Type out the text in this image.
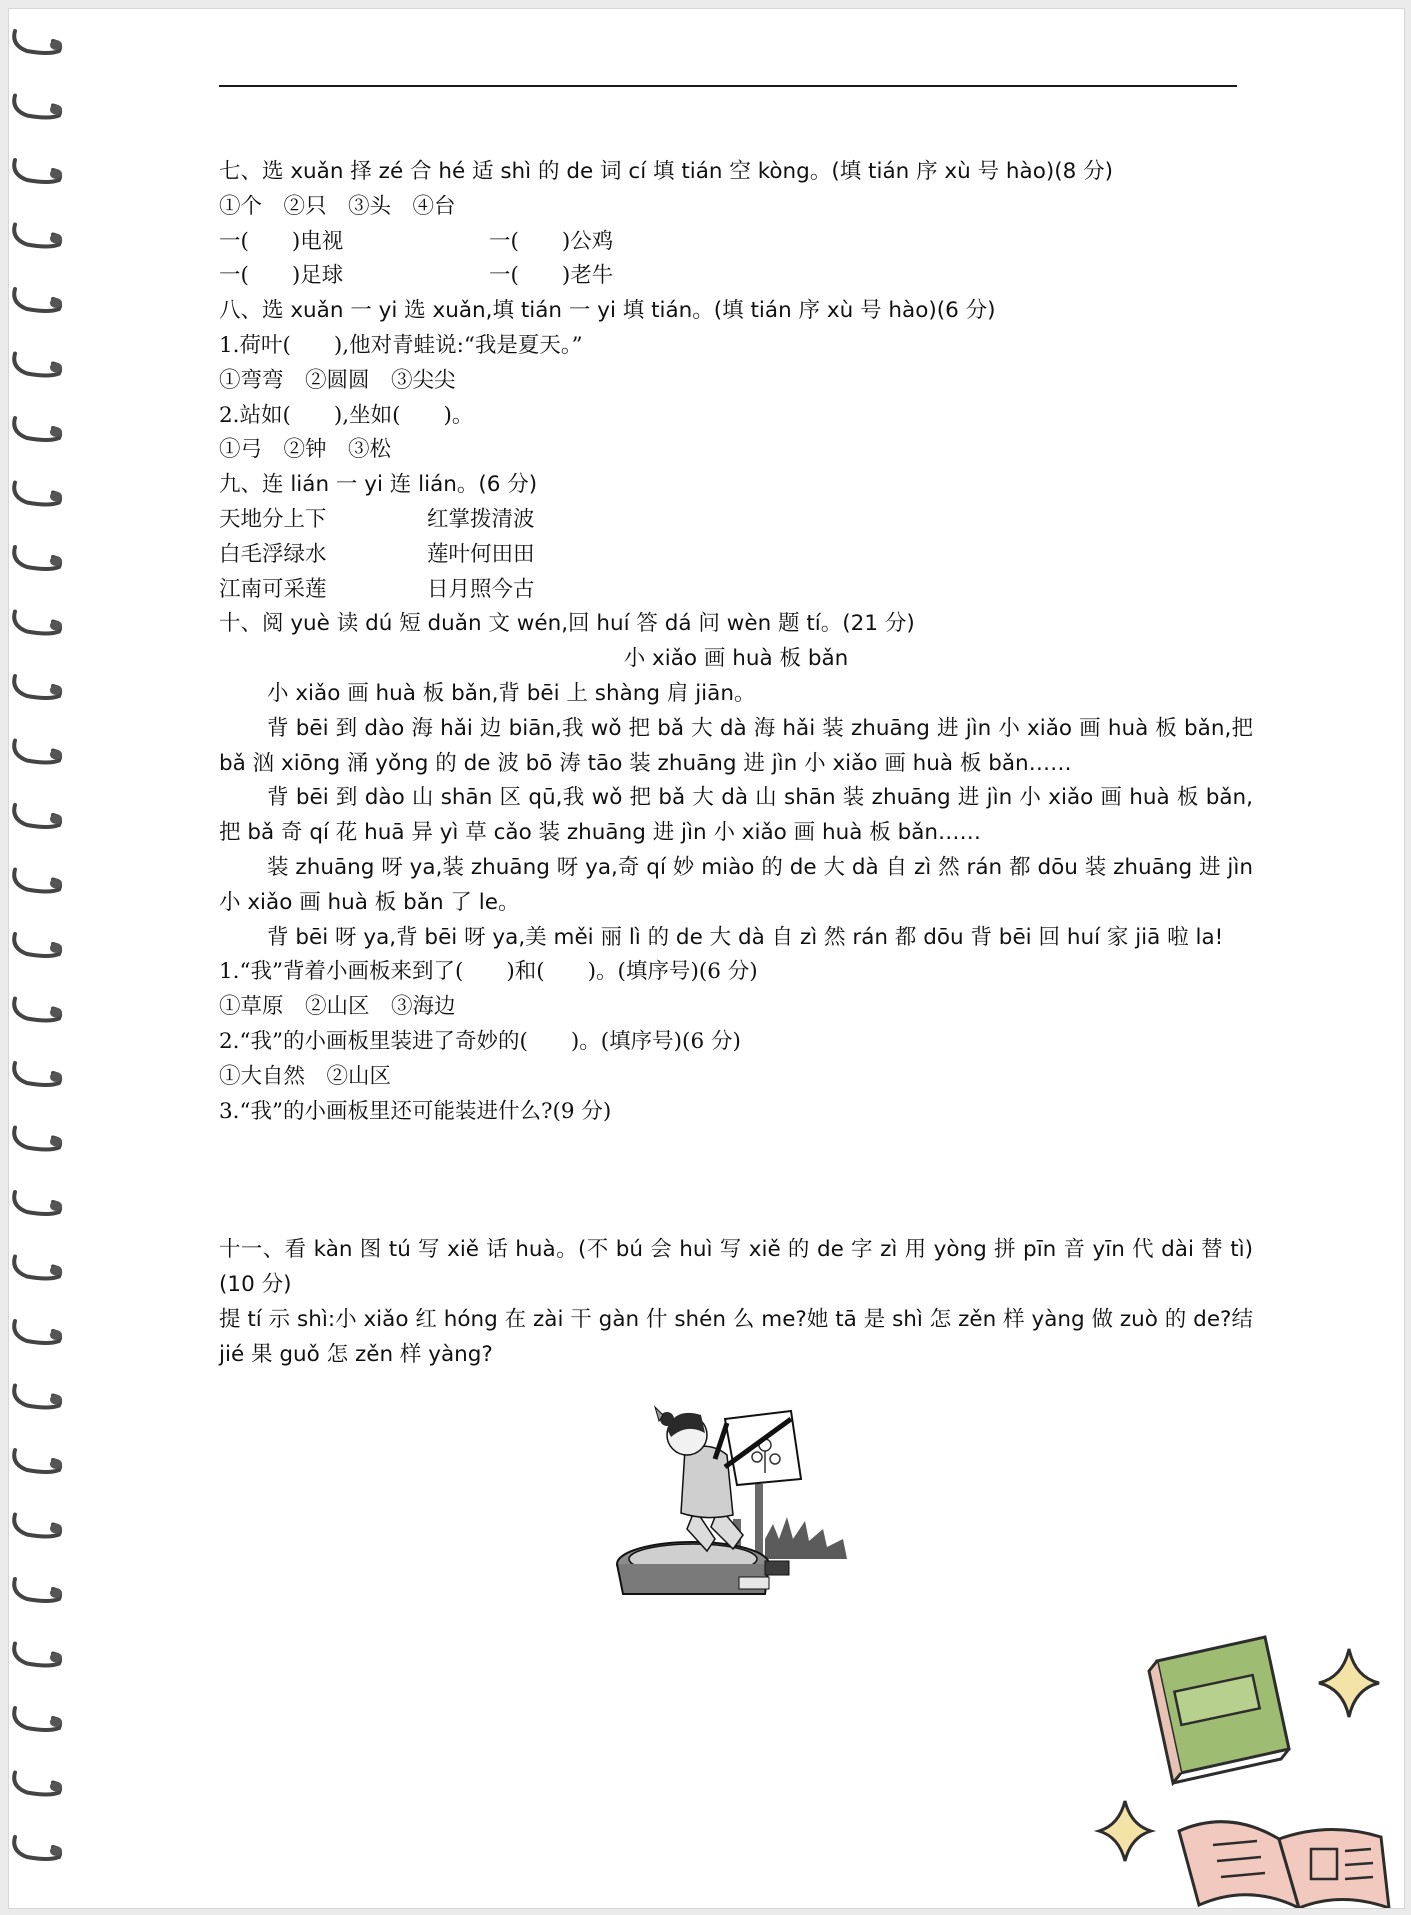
七、选 xuǎn 择 zé 合 hé 适 shì 的 de 词 cí 填 tián 空 kòng。(填 tián 序 xù 号 hào)(8 分)
①个　②只　③头　④台
一(　　)电视	一(　　)公鸡
一(　　)足球	一(　　)老牛
八、选 xuǎn 一 yi 选 xuǎn,填 tián 一 yi 填 tián。(填 tián 序 xù 号 hào)(6 分)
1.荷叶(　　),他对青蛙说:“我是夏天。”
①弯弯　②圆圆　③尖尖
2.站如(　　),坐如(　　)。
①弓　②钟　③松
九、连 lián 一 yi 连 lián。(6 分)
天地分上下	红掌拨清波
白毛浮绿水	莲叶何田田
江南可采莲	日月照今古
十、阅 yuè 读 dú 短 duǎn 文 wén,回 huí 答 dá 问 wèn 题 tí。(21 分)
小 xiǎo 画 huà 板 bǎn
小 xiǎo 画 huà 板 bǎn,背 bēi 上 shàng 肩 jiān。
背 bēi 到 dào 海 hǎi 边 biān,我 wǒ 把 bǎ 大 dà 海 hǎi 装 zhuāng 进 jìn 小 xiǎo 画 huà 板 bǎn,把 bǎ 汹 xiōng 涌 yǒng 的 de 波 bō 涛 tāo 装 zhuāng 进 jìn 小 xiǎo 画 huà 板 bǎn……
背 bēi 到 dào 山 shān 区 qū,我 wǒ 把 bǎ 大 dà 山 shān 装 zhuāng 进 jìn 小 xiǎo 画 huà 板 bǎn,把 bǎ 奇 qí 花 huā 异 yì 草 cǎo 装 zhuāng 进 jìn 小 xiǎo 画 huà 板 bǎn……
装 zhuāng 呀 ya,装 zhuāng 呀 ya,奇 qí 妙 miào 的 de 大 dà 自 zì 然 rán 都 dōu 装 zhuāng 进 jìn 小 xiǎo 画 huà 板 bǎn 了 le。
背 bēi 呀 ya,背 bēi 呀 ya,美 měi 丽 lì 的 de 大 dà 自 zì 然 rán 都 dōu 背 bēi 回 huí 家 jiā 啦 la!
1.“我”背着小画板来到了(　　)和(　　)。(填序号)(6 分)
①草原　②山区　③海边
2.“我”的小画板里装进了奇妙的(　　)。(填序号)(6 分)
①大自然　②山区
3.“我”的小画板里还可能装进什么?(9 分)
十一、看 kàn 图 tú 写 xiě 话 huà。(不 bú 会 huì 写 xiě 的 de 字 zì 用 yòng 拼 pīn 音 yīn 代 dài 替 tì)(10 分)
提 tí 示 shì:小 xiǎo 红 hóng 在 zài 干 gàn 什 shén 么 me?她 tā 是 shì 怎 zěn 样 yàng 做 zuò 的 de?结 jié 果 guǒ 怎 zěn 样 yàng?
